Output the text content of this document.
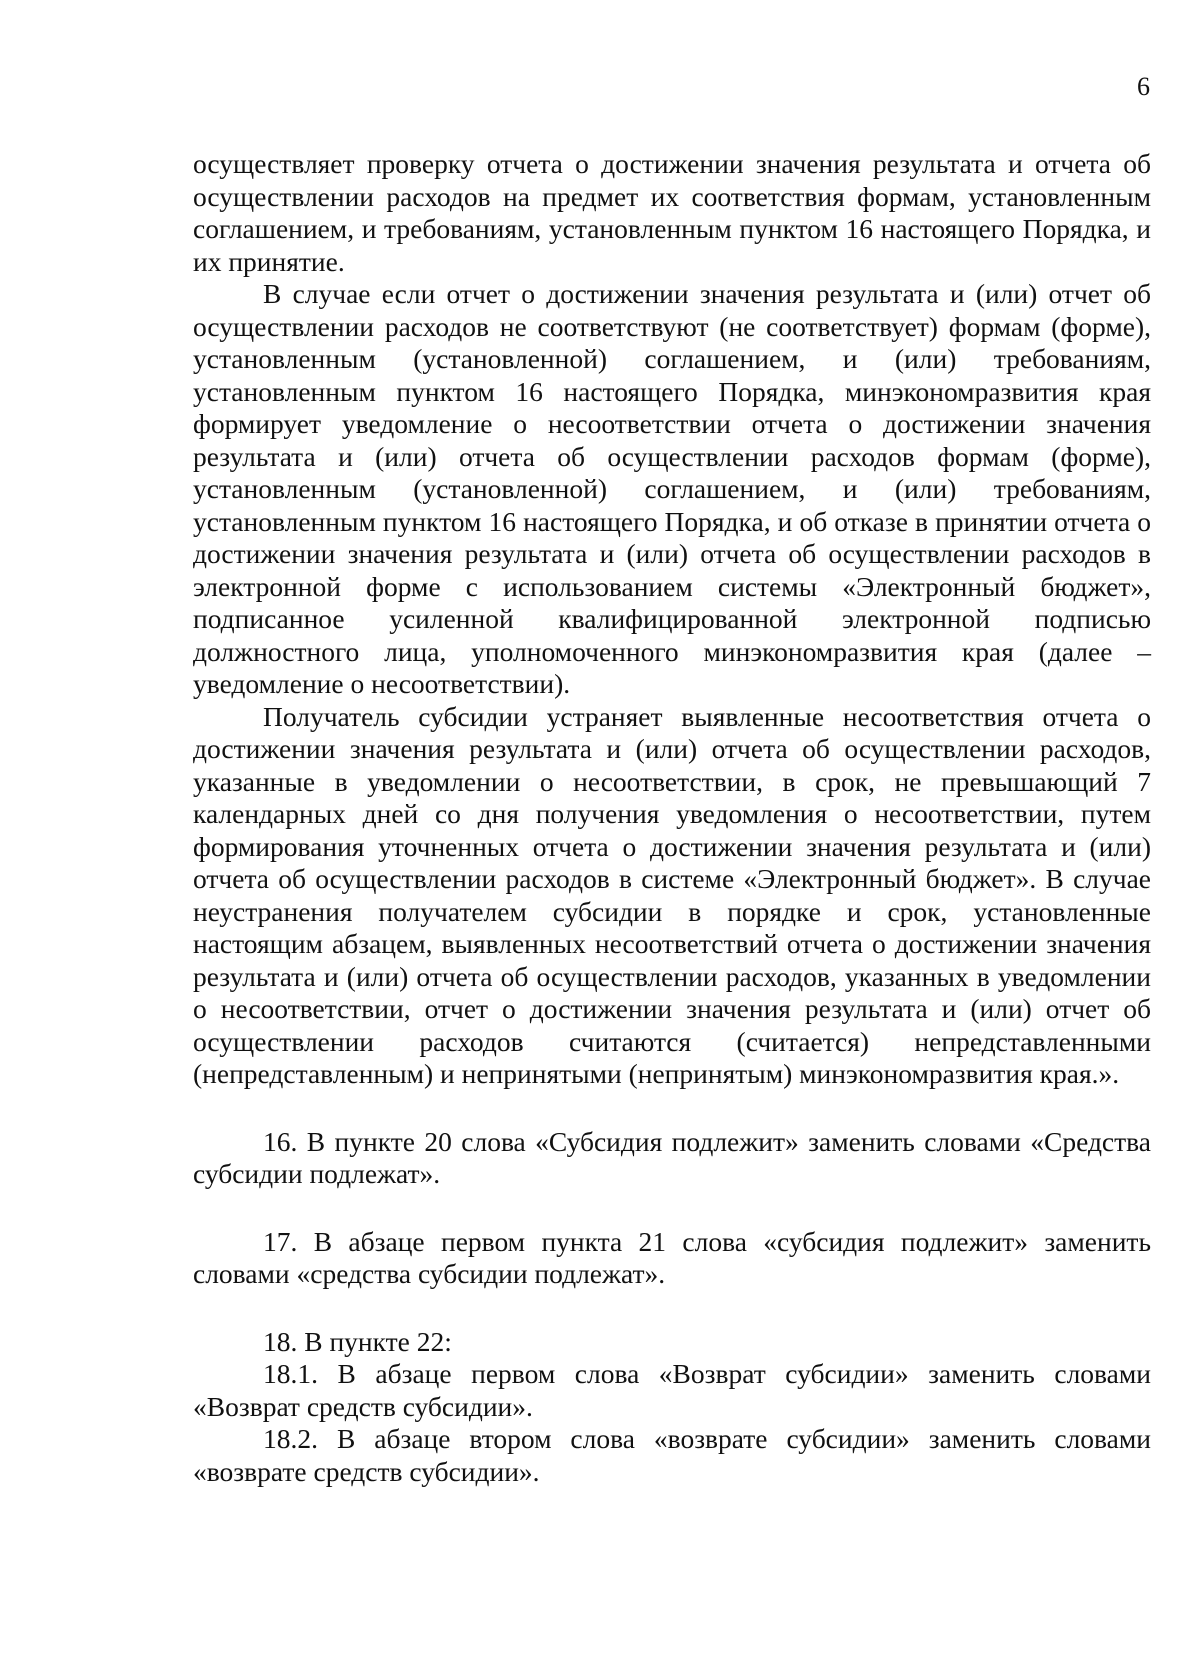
6

осуществляет проверку отчета о достижении значения результата и отчета об осуществлении расходов на предмет их соответствия формам, установленным соглашением, и требованиям, установленным пунктом 16 настоящего Порядка, и их принятие.

В случае если отчет о достижении значения результата и (или) отчет об осуществлении расходов не соответствуют (не соответствует) формам (форме), установленным (установленной) соглашением, и (или) требованиям, установленным пунктом 16 настоящего Порядка, минэкономразвития края формирует уведомление о несоответствии отчета о достижении значения результата и (или) отчета об осуществлении расходов формам (форме), установленным (установленной) соглашением, и (или) требованиям, установленным пунктом 16 настоящего Порядка, и об отказе в принятии отчета о достижении значения результата и (или) отчета об осуществлении расходов в электронной форме с использованием системы «Электронный бюджет», подписанное усиленной квалифицированной электронной подписью должностного лица, уполномоченного минэкономразвития края (далее – уведомление о несоответствии).

Получатель субсидии устраняет выявленные несоответствия отчета о достижении значения результата и (или) отчета об осуществлении расходов, указанные в уведомлении о несоответствии, в срок, не превышающий 7 календарных дней со дня получения уведомления о несоответствии, путем формирования уточненных отчета о достижении значения результата и (или) отчета об осуществлении расходов в системе «Электронный бюджет». В случае неустранения получателем субсидии в порядке и срок, установленные настоящим абзацем, выявленных несоответствий отчета о достижении значения результата и (или) отчета об осуществлении расходов, указанных в уведомлении о несоответствии, отчет о достижении значения результата и (или) отчет об осуществлении расходов считаются (считается) непредставленными (непредставленным) и непринятыми (непринятым) минэкономразвития края.».

16. В пункте 20 слова «Субсидия подлежит» заменить словами «Средства субсидии подлежат».

17. В абзаце первом пункта 21 слова «субсидия подлежит» заменить словами «средства субсидии подлежат».

18. В пункте 22:

18.1. В абзаце первом слова «Возврат субсидии» заменить словами «Возврат средств субсидии».

18.2. В абзаце втором слова «возврате субсидии» заменить словами «возврате средств субсидии».
